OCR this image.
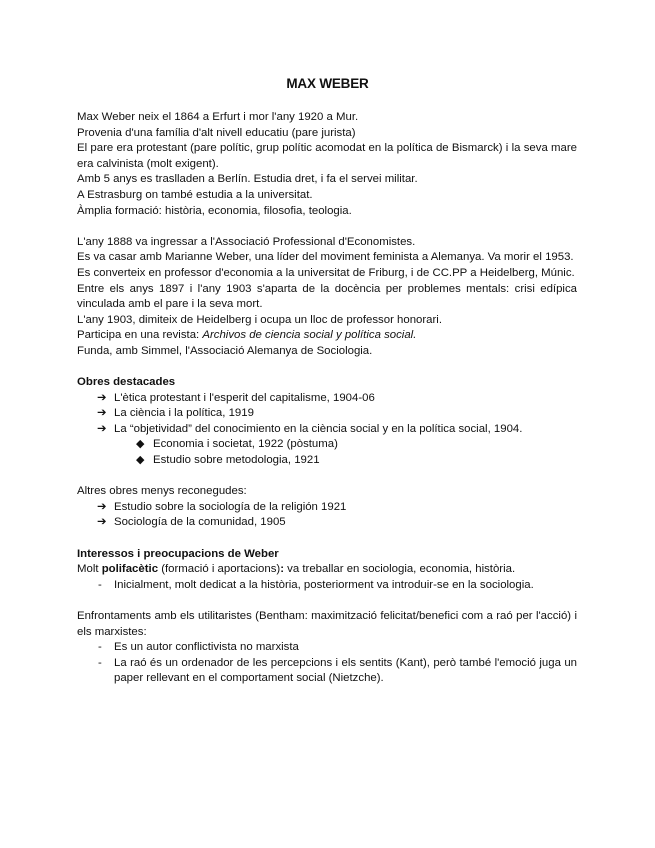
MAX WEBER

Max Weber neix el 1864 a Erfurt i mor l'any 1920 a Mur.

Provenia d'una família d'alt nivell educatiu (pare jurista)

El pare era protestant (pare polític, grup polític acomodat en la política de Bismarck) i la seva mare era calvinista (molt exigent).

Amb 5 anys es traslladen a Berlín. Estudia dret, i fa el servei militar.

A Estrasburg on també estudia a la universitat.

Àmplia formació: història, economia, filosofia, teologia.

L'any 1888 va ingressar a l'Associació Professional d'Economistes.

Es va casar amb Marianne Weber, una líder del moviment feminista a Alemanya. Va morir el 1953.

Es converteix en professor d'economia a la universitat de Friburg, i de CC.PP a Heidelberg, Múnic.

Entre els anys 1897 i l'any 1903 s'aparta de la docència per problemes mentals: crisi edípica vinculada amb el pare i la seva mort.

L'any 1903, dimiteix de Heidelberg i ocupa un lloc de professor honorari.

Participa en una revista: Archivos de ciencia social y política social.

Funda, amb Simmel, l'Associació Alemanya de Sociologia.

Obres destacades

➔ L'ètica protestant i l'esperit del capitalisme, 1904-06
➔ La ciència i la política, 1919
➔ La “objetividad” del conocimiento en la ciència social y en la política social, 1904.
◆ Economia i societat, 1922 (pòstuma)
◆ Estudio sobre metodologia, 1921

Altres obres menys reconegudes:

➔ Estudio sobre la sociología de la religión 1921
➔ Sociología de la comunidad, 1905

Interessos i preocupacions de Weber

Molt polifacètic (formació i aportacions): va treballar en sociologia, economia, història.

- Inicialment, molt dedicat a la història, posteriorment va introduir-se en la sociologia.

Enfrontaments amb els utilitaristes (Bentham: maximització felicitat/benefici com a raó per l'acció) i els marxistes:

- Es un autor conflictivista no marxista
- La raó és un ordenador de les percepcions i els sentits (Kant), però també l'emoció juga un paper rellevant en el comportament social (Nietzche).
